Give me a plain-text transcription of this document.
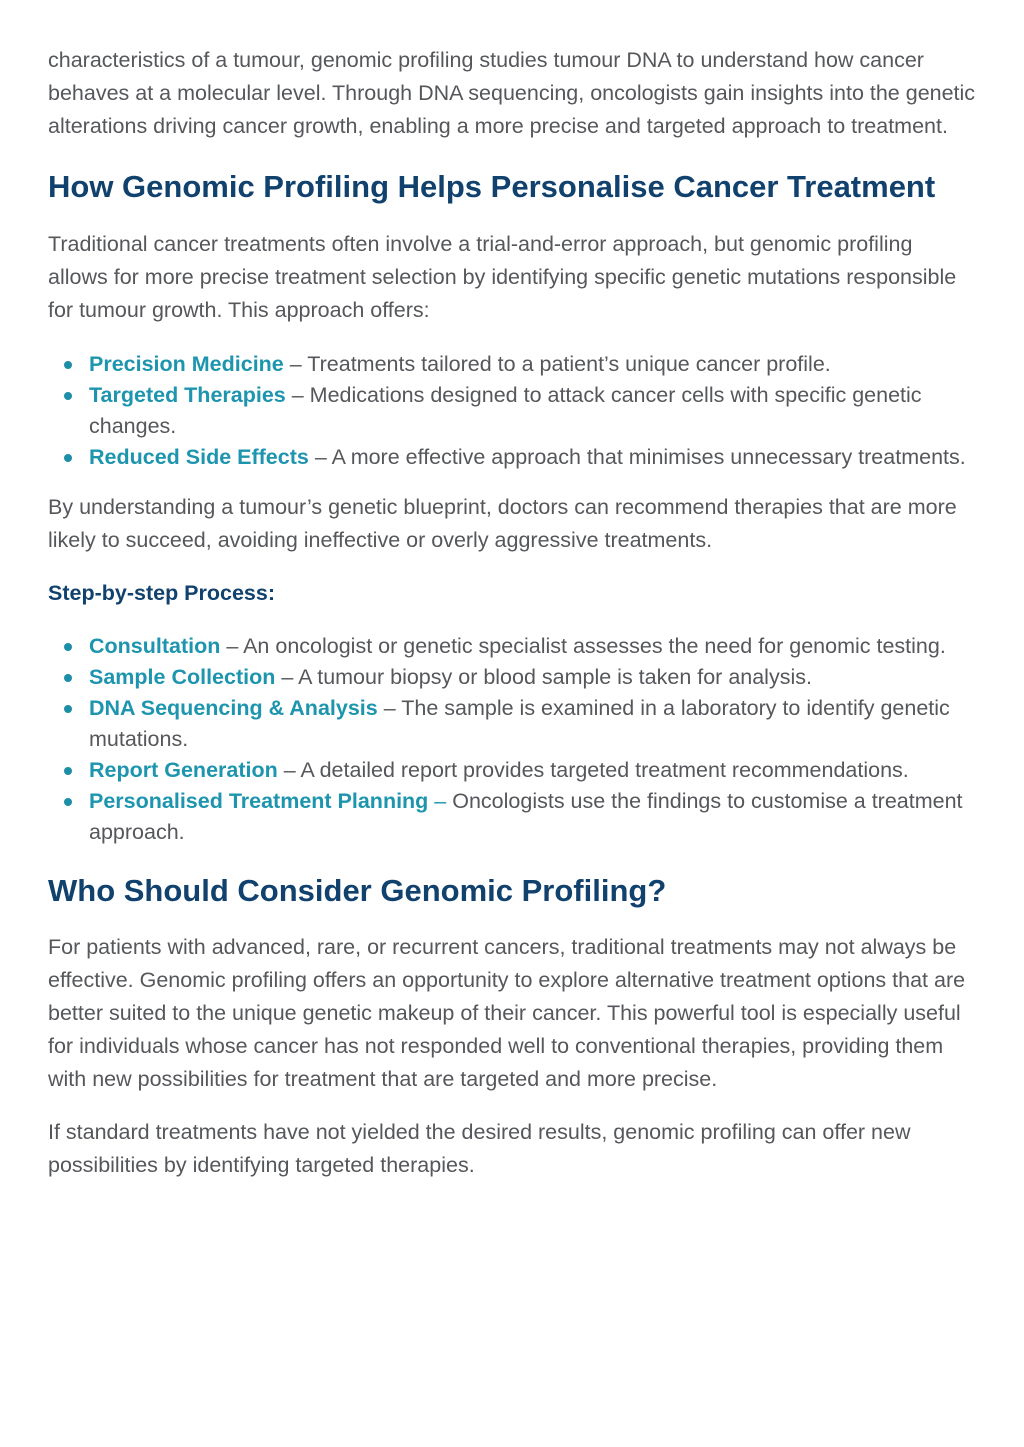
characteristics of a tumour, genomic profiling studies tumour DNA to understand how cancer behaves at a molecular level. Through DNA sequencing, oncologists gain insights into the genetic alterations driving cancer growth, enabling a more precise and targeted approach to treatment.

How Genomic Profiling Helps Personalise Cancer Treatment

Traditional cancer treatments often involve a trial-and-error approach, but genomic profiling allows for more precise treatment selection by identifying specific genetic mutations responsible for tumour growth. This approach offers:

Precision Medicine – Treatments tailored to a patient’s unique cancer profile.
Targeted Therapies – Medications designed to attack cancer cells with specific genetic changes.
Reduced Side Effects – A more effective approach that minimises unnecessary treatments.

By understanding a tumour’s genetic blueprint, doctors can recommend therapies that are more likely to succeed, avoiding ineffective or overly aggressive treatments.

Step-by-step Process:
Consultation – An oncologist or genetic specialist assesses the need for genomic testing.
Sample Collection – A tumour biopsy or blood sample is taken for analysis.
DNA Sequencing & Analysis – The sample is examined in a laboratory to identify genetic mutations.
Report Generation – A detailed report provides targeted treatment recommendations.
Personalised Treatment Planning – Oncologists use the findings to customise a treatment approach.
Who Should Consider Genomic Profiling?

For patients with advanced, rare, or recurrent cancers, traditional treatments may not always be effective. Genomic profiling offers an opportunity to explore alternative treatment options that are better suited to the unique genetic makeup of their cancer. This powerful tool is especially useful for individuals whose cancer has not responded well to conventional therapies, providing them with new possibilities for treatment that are targeted and more precise.

If standard treatments have not yielded the desired results, genomic profiling can offer new possibilities by identifying targeted therapies.
